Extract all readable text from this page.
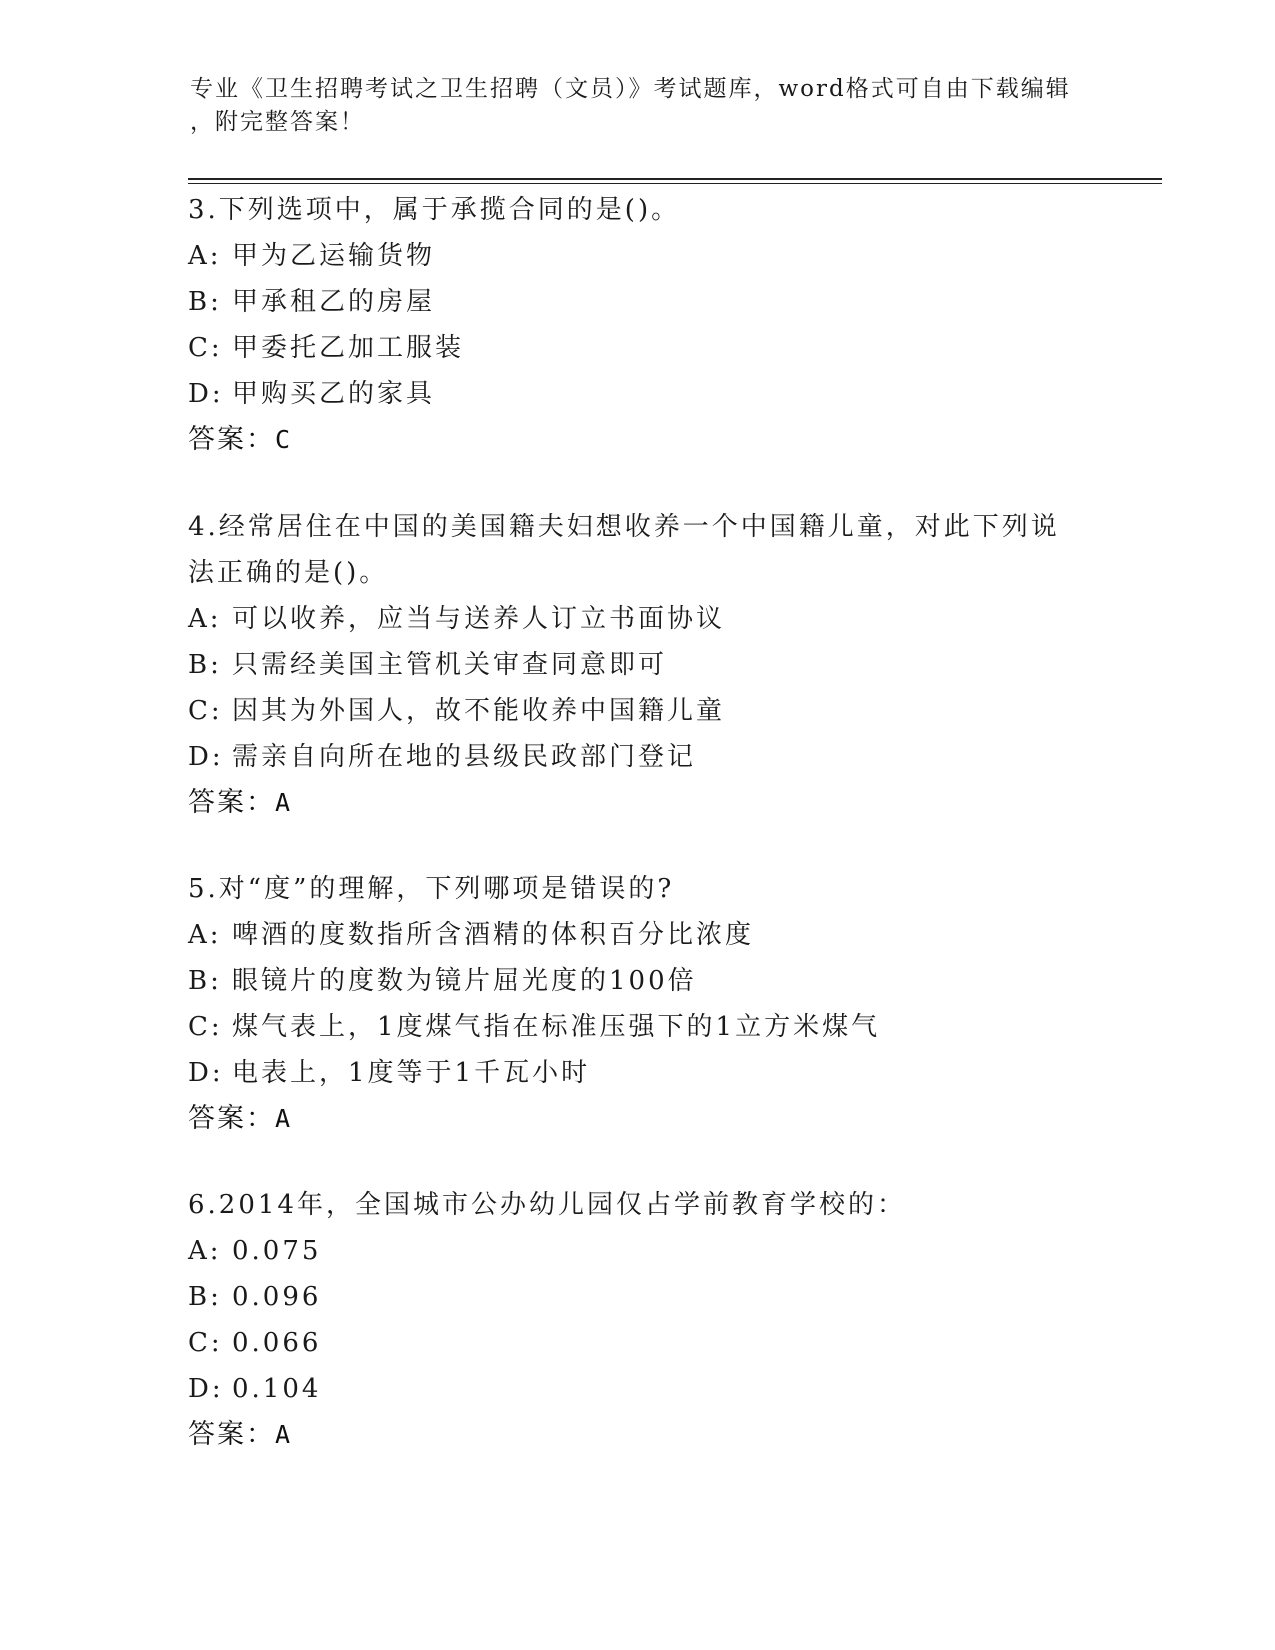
专业《卫生招聘考试之卫生招聘（文员）》考试题库，word格式可自由下载编辑
，附完整答案！
3.下列选项中，属于承揽合同的是()。
A: 甲为乙运输货物
B: 甲承租乙的房屋
C: 甲委托乙加工服装
D: 甲购买乙的家具
答案：C
4.经常居住在中国的美国籍夫妇想收养一个中国籍儿童，对此下列说
法正确的是()。
A: 可以收养，应当与送养人订立书面协议
B: 只需经美国主管机关审查同意即可
C: 因其为外国人，故不能收养中国籍儿童
D: 需亲自向所在地的县级民政部门登记
答案：A
5.对“度”的理解，下列哪项是错误的?
A: 啤酒的度数指所含酒精的体积百分比浓度
B: 眼镜片的度数为镜片屈光度的100倍
C: 煤气表上，1度煤气指在标准压强下的1立方米煤气
D: 电表上，1度等于1千瓦小时
答案：A
6.2014年，全国城市公办幼儿园仅占学前教育学校的：
A: 0.075
B: 0.096
C: 0.066
D: 0.104
答案：A
